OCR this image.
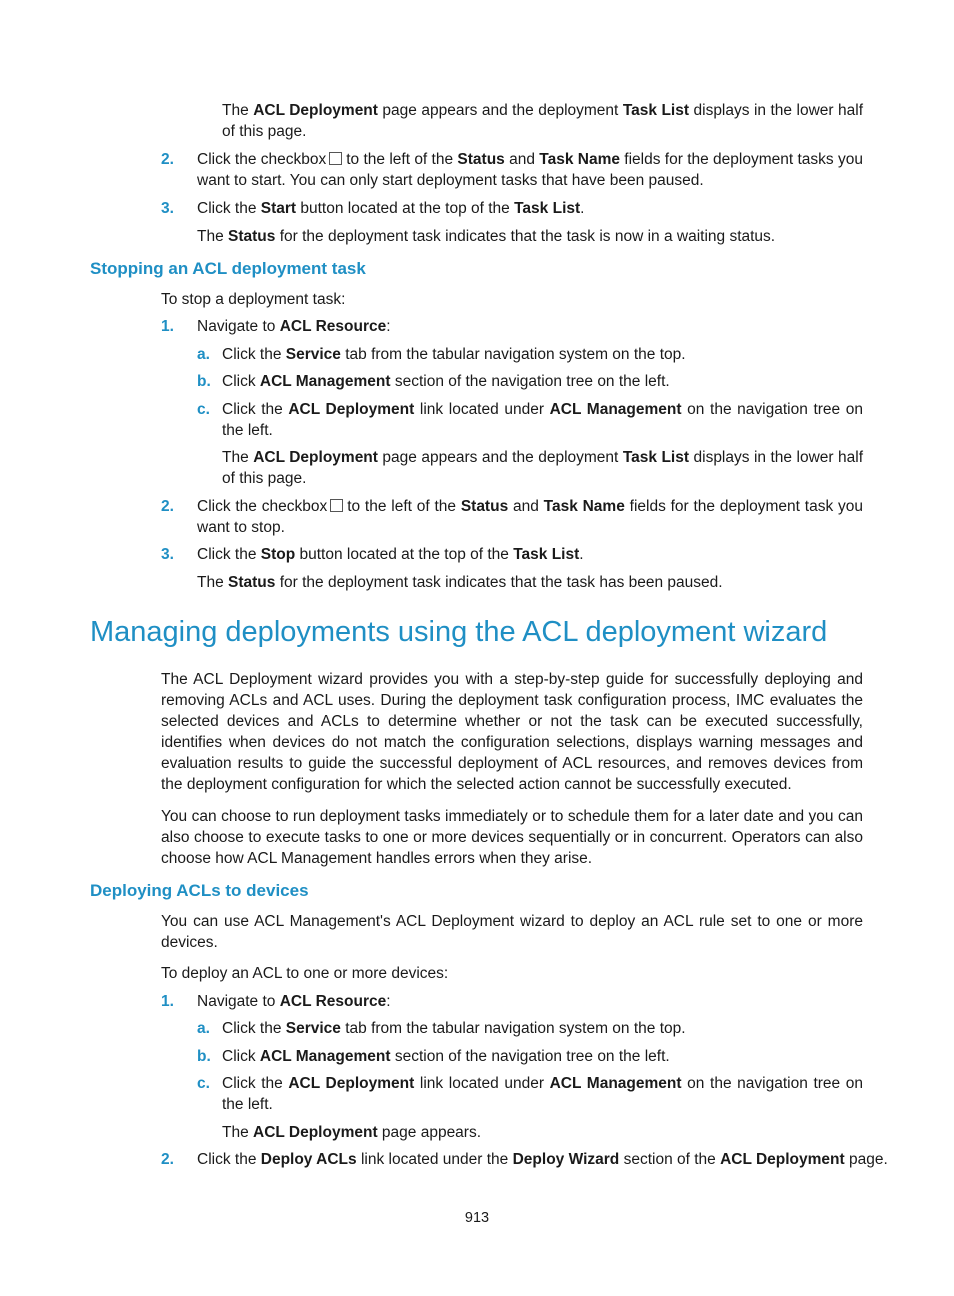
The ACL Deployment page appears and the deployment Task List displays in the lower half of this page.

2. Click the checkbox to the left of the Status and Task Name fields for the deployment tasks you want to start. You can only start deployment tasks that have been paused.

3. Click the Start button located at the top of the Task List.

The Status for the deployment task indicates that the task is now in a waiting status.

Stopping an ACL deployment task

To stop a deployment task:

1. Navigate to ACL Resource:

a. Click the Service tab from the tabular navigation system on the top.

b. Click ACL Management section of the navigation tree on the left.

c. Click the ACL Deployment link located under ACL Management on the navigation tree on the left.

The ACL Deployment page appears and the deployment Task List displays in the lower half of this page.

2. Click the checkbox to the left of the Status and Task Name fields for the deployment task you want to stop.

3. Click the Stop button located at the top of the Task List.

The Status for the deployment task indicates that the task has been paused.

Managing deployments using the ACL deployment wizard

The ACL Deployment wizard provides you with a step-by-step guide for successfully deploying and removing ACLs and ACL uses. During the deployment task configuration process, IMC evaluates the selected devices and ACLs to determine whether or not the task can be executed successfully, identifies when devices do not match the configuration selections, displays warning messages and evaluation results to guide the successful deployment of ACL resources, and removes devices from the deployment configuration for which the selected action cannot be successfully executed.

You can choose to run deployment tasks immediately or to schedule them for a later date and you can also choose to execute tasks to one or more devices sequentially or in concurrent. Operators can also choose how ACL Management handles errors when they arise.

Deploying ACLs to devices

You can use ACL Management's ACL Deployment wizard to deploy an ACL rule set to one or more devices.

To deploy an ACL to one or more devices:

1. Navigate to ACL Resource:

a. Click the Service tab from the tabular navigation system on the top.

b. Click ACL Management section of the navigation tree on the left.

c. Click the ACL Deployment link located under ACL Management on the navigation tree on the left.

The ACL Deployment page appears.

2. Click the Deploy ACLs link located under the Deploy Wizard section of the ACL Deployment page.

913
